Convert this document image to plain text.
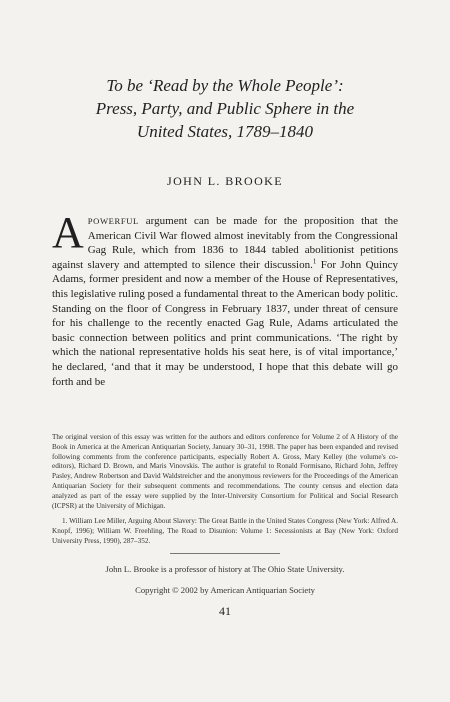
To be ‘Read by the Whole People’:
Press, Party, and Public Sphere in the
United States, 1789–1840
JOHN L. BROOKE
APOWERFUL argument can be made for the proposition that the American Civil War flowed almost inevitably from the Congressional Gag Rule, which from 1836 to 1844 tabled abolitionist petitions against slavery and attempted to silence their discussion.$^1$ For John Quincy Adams, former president and now a member of the House of Representatives, this legislative ruling posed a fundamental threat to the American body politic. Standing on the floor of Congress in February 1837, under threat of censure for his challenge to the recently enacted Gag Rule, Adams articulated the basic connection between politics and print communications. ‘The right by which the national representative holds his seat here, is of vital importance,’ he declared, ‘and that it may be understood, I hope that this debate will go forth and be

The original version of this essay was written for the authors and editors conference for Volume 2 of A History of the Book in America at the American Antiquarian Society, January 30–31, 1998. The paper has been expanded and revised following comments from the conference participants, especially Robert A. Gross, Mary Kelley (the volume's co-editors), Richard D. Brown, and Maris Vinovskis. The author is grateful to Ronald Formisano, Richard John, Jeffrey Pasley, Andrew Robertson and David Waldstreicher and the anonymous reviewers for the Proceedings of the American Antiquarian Society for their subsequent comments and recommendations. The county census and election data analyzed as part of the essay were supplied by the Inter-University Consortium for Political and Social Research (ICPSR) at the University of Michigan.

1. William Lee Miller, Arguing About Slavery: The Great Battle in the United States Congress (New York: Alfred A. Knopf, 1996); William W. Freehling, The Road to Disunion: Volume 1: Secessionists at Bay (New York: Oxford University Press, 1990), 287–352.

John L. Brooke is a professor of history at The Ohio State University.
Copyright © 2002 by American Antiquarian Society
41
